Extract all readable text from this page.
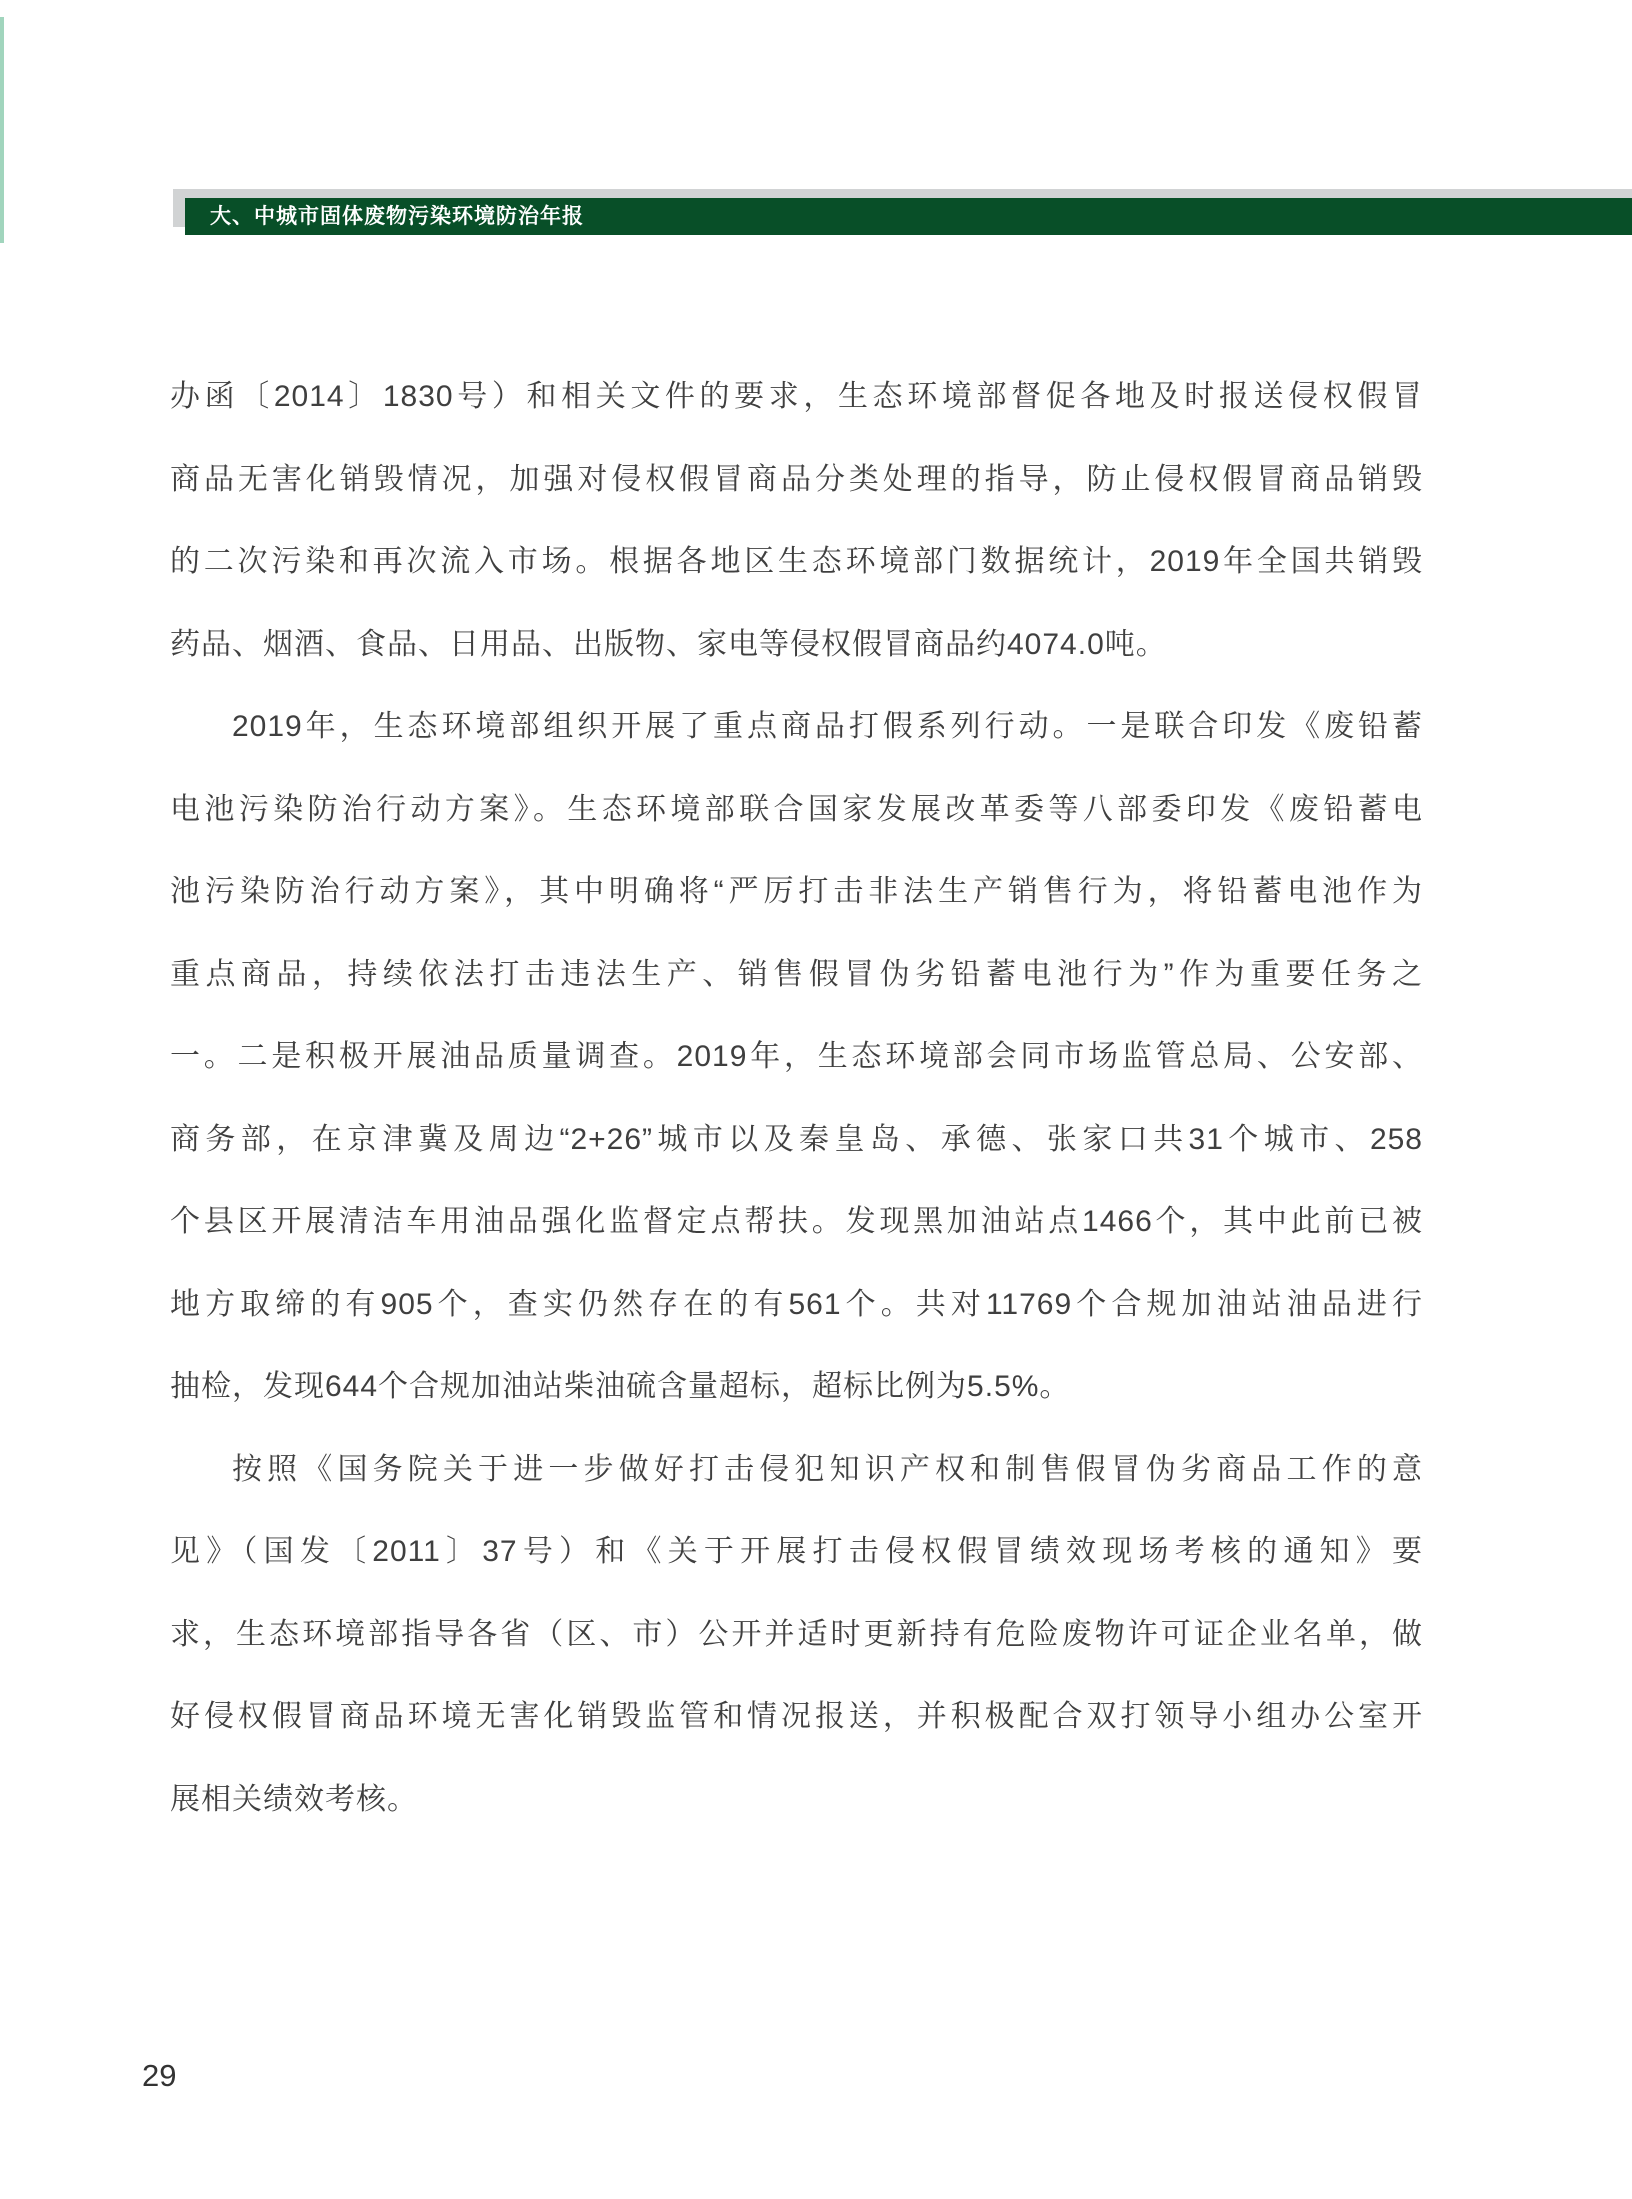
大、中城市固体废物污染环境防治年报
办函〔2014〕1830号）和相关文件的要求，生态环境部督促各地及时报送侵权假冒
商品无害化销毁情况，加强对侵权假冒商品分类处理的指导，防止侵权假冒商品销毁
的二次污染和再次流入市场。根据各地区生态环境部门数据统计，2019年全国共销毁
药品、烟酒、食品、日用品、出版物、家电等侵权假冒商品约4074.0吨。
2019年，生态环境部组织开展了重点商品打假系列行动。一是联合印发《废铅蓄
电池污染防治行动方案》。生态环境部联合国家发展改革委等八部委印发《废铅蓄电
池污染防治行动方案》，其中明确将“严厉打击非法生产销售行为，将铅蓄电池作为
重点商品，持续依法打击违法生产、销售假冒伪劣铅蓄电池行为”作为重要任务之
一。二是积极开展油品质量调查。2019年，生态环境部会同市场监管总局、公安部、
商务部，在京津冀及周边“2+26”城市以及秦皇岛、承德、张家口共31个城市、258
个县区开展清洁车用油品强化监督定点帮扶。发现黑加油站点1466个，其中此前已被
地方取缔的有905个，查实仍然存在的有561个。共对11769个合规加油站油品进行
抽检，发现644个合规加油站柴油硫含量超标，超标比例为5.5%。
按照《国务院关于进一步做好打击侵犯知识产权和制售假冒伪劣商品工作的意
见》（国发〔2011〕37号）和《关于开展打击侵权假冒绩效现场考核的通知》要
求，生态环境部指导各省（区、市）公开并适时更新持有危险废物许可证企业名单，做
好侵权假冒商品环境无害化销毁监管和情况报送，并积极配合双打领导小组办公室开
展相关绩效考核。
29
